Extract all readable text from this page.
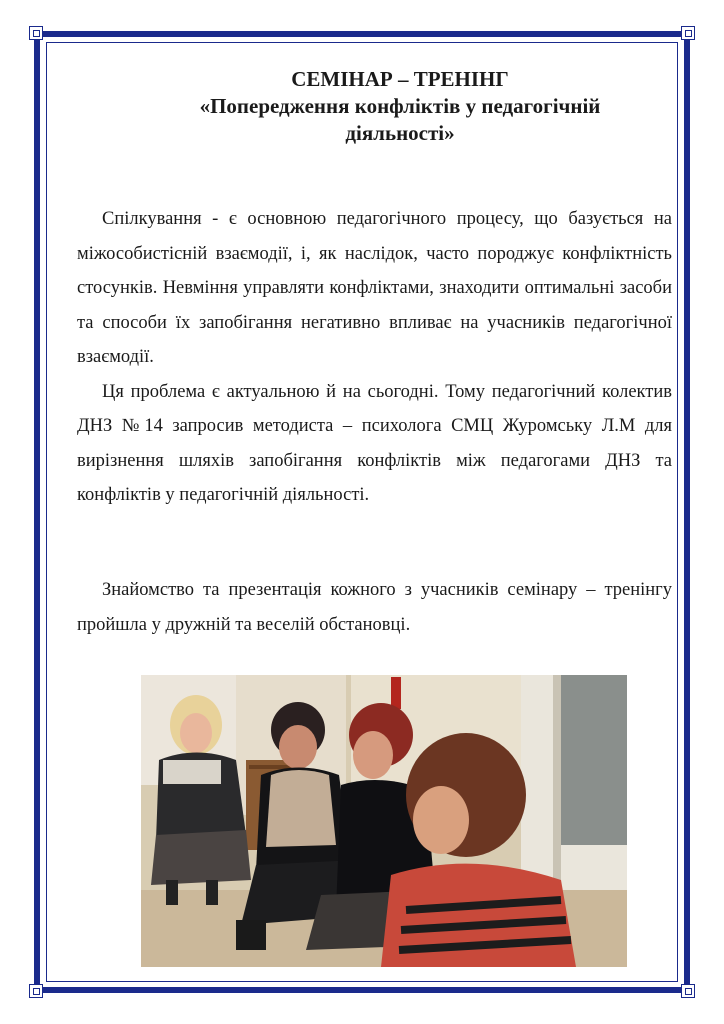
СЕМІНАР – ТРЕНІНГ
«Попередження конфліктів у педагогічній
діяльності»

Спілкування - є основною педагогічного процесу, що базується на міжособистісній взаємодії, і, як наслідок, часто породжує конфліктність стосунків. Невміння управляти конфліктами, знаходити оптимальні засоби та способи їх запобігання негативно впливає на учасників педагогічної взаємодії.

Ця проблема є актуальною й на сьогодні. Тому педагогічний колектив ДНЗ №14 запросив методиста – психолога СМЦ Журомську Л.М для вирізнення шляхів запобігання конфліктів між педагогами ДНЗ та конфліктів у педагогічній діяльності.

Знайомство та презентація кожного з учасників семінару – тренінгу пройшла у дружній та веселій обстановці.
